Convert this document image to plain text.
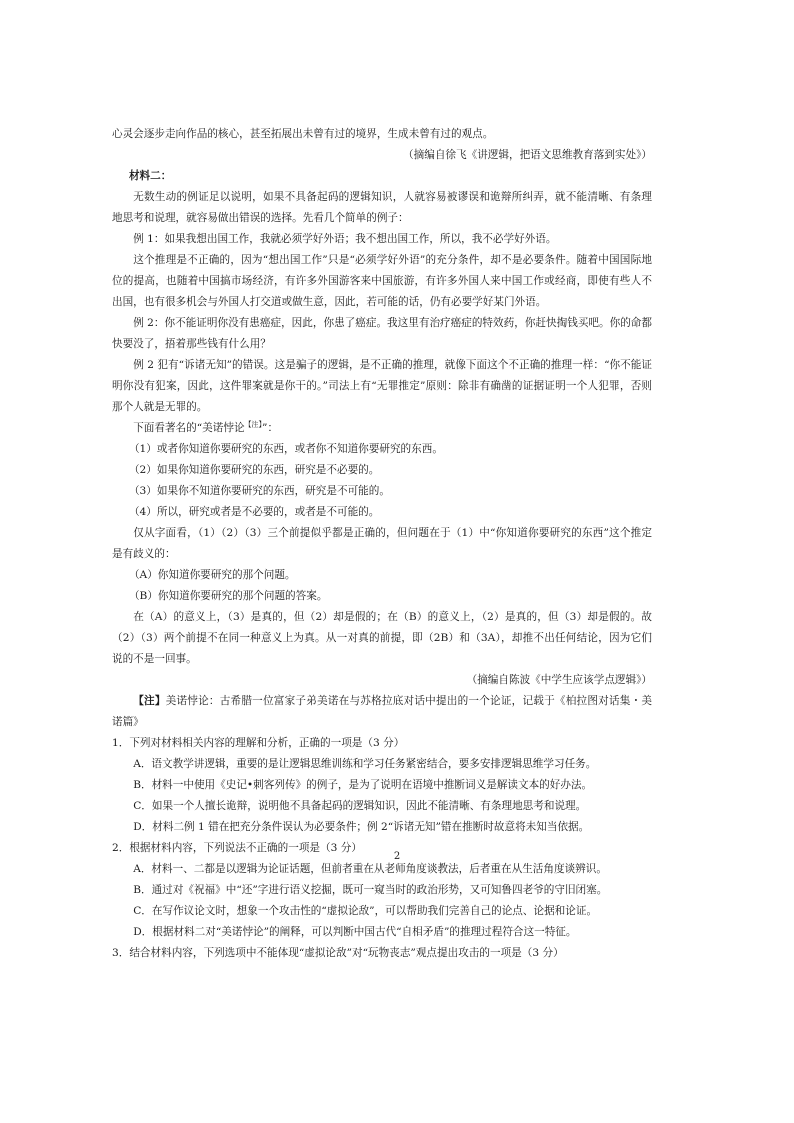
心灵会逐步走向作品的核心，甚至拓展出未曾有过的境界，生成未曾有过的观点。

（摘编自徐飞《讲逻辑，把语文思维教育落到实处》）

材料二：

无数生动的例证足以说明，如果不具备起码的逻辑知识，人就容易被谬误和诡辩所纠弄，就不能清晰、有条理地思考和说理，就容易做出错误的选择。先看几个简单的例子：

例 1：如果我想出国工作，我就必须学好外语；我不想出国工作，所以，我不必学好外语。

这个推理是不正确的，因为“想出国工作”只是“必须学好外语”的充分条件，却不是必要条件。随着中国国际地位的提高，也随着中国搞市场经济，有许多外国游客来中国旅游，有许多外国人来中国工作或经商，即使有些人不出国，也有很多机会与外国人打交道或做生意，因此，若可能的话，仍有必要学好某门外语。

例 2：你不能证明你没有患癌症，因此，你患了癌症。我这里有治疗癌症的特效药，你赶快掏钱买吧。你的命都快要没了，捂着那些钱有什么用？

例 2 犯有“诉诸无知”的错误。这是骗子的逻辑，是不正确的推理，就像下面这个不正确的推理一样：“你不能证明你没有犯案，因此，这件罪案就是你干的。”司法上有“无罪推定”原则：除非有确凿的证据证明一个人犯罪，否则那个人就是无罪的。

下面看著名的“美诺悖论$^{【注】}$”：

（1）或者你知道你要研究的东西，或者你不知道你要研究的东西。

（2）如果你知道你要研究的东西，研究是不必要的。

（3）如果你不知道你要研究的东西，研究是不可能的。

（4）所以，研究或者是不必要的，或者是不可能的。

仅从字面看，（1）（2）（3）三个前提似乎都是正确的，但问题在于（1）中“你知道你要研究的东西”这个推定是有歧义的：

（A）你知道你要研究的那个问题。

（B）你知道你要研究的那个问题的答案。

在（A）的意义上，（3）是真的，但（2）却是假的；在（B）的意义上，（2）是真的，但（3）却是假的。故（2）（3）两个前提不在同一种意义上为真。从一对真的前提，即（2B）和（3A），却推不出任何结论，因为它们说的不是一回事。

（摘编自陈波《中学生应该学点逻辑》）

【注】美诺悖论：古希腊一位富家子弟美诺在与苏格拉底对话中提出的一个论证，记载于《柏拉图对话集・美诺篇》

1．下列对材料相关内容的理解和分析，正确的一项是（3 分）

A．语文教学讲逻辑，重要的是让逻辑思维训练和学习任务紧密结合，要多安排逻辑思维学习任务。

B．材料一中使用《史记•刺客列传》的例子，是为了说明在语境中推断词义是解读文本的好办法。

C．如果一个人擅长诡辩，说明他不具备起码的逻辑知识，因此不能清晰、有条理地思考和说理。

D．材料二例 1 错在把充分条件误认为必要条件；例 2“诉诸无知”错在推断时故意将未知当依据。

2．根据材料内容，下列说法不正确的一项是（3 分）

A．材料一、二都是以逻辑为论证话题，但前者重在从老师角度谈教法，后者重在从生活角度谈辨识。

B．通过对《祝福》中“还”字进行语义挖掘，既可一窥当时的政治形势，又可知鲁四老爷的守旧闭塞。

C．在写作议论文时，想象一个攻击性的“虚拟论敌”，可以帮助我们完善自己的论点、论据和论证。

D．根据材料二对“美诺悖论”的阐释，可以判断中国古代“自相矛盾”的推理过程符合这一特征。

3．结合材料内容，下列选项中不能体现“虚拟论敌”对“玩物丧志”观点提出攻击的一项是（3 分）

2
